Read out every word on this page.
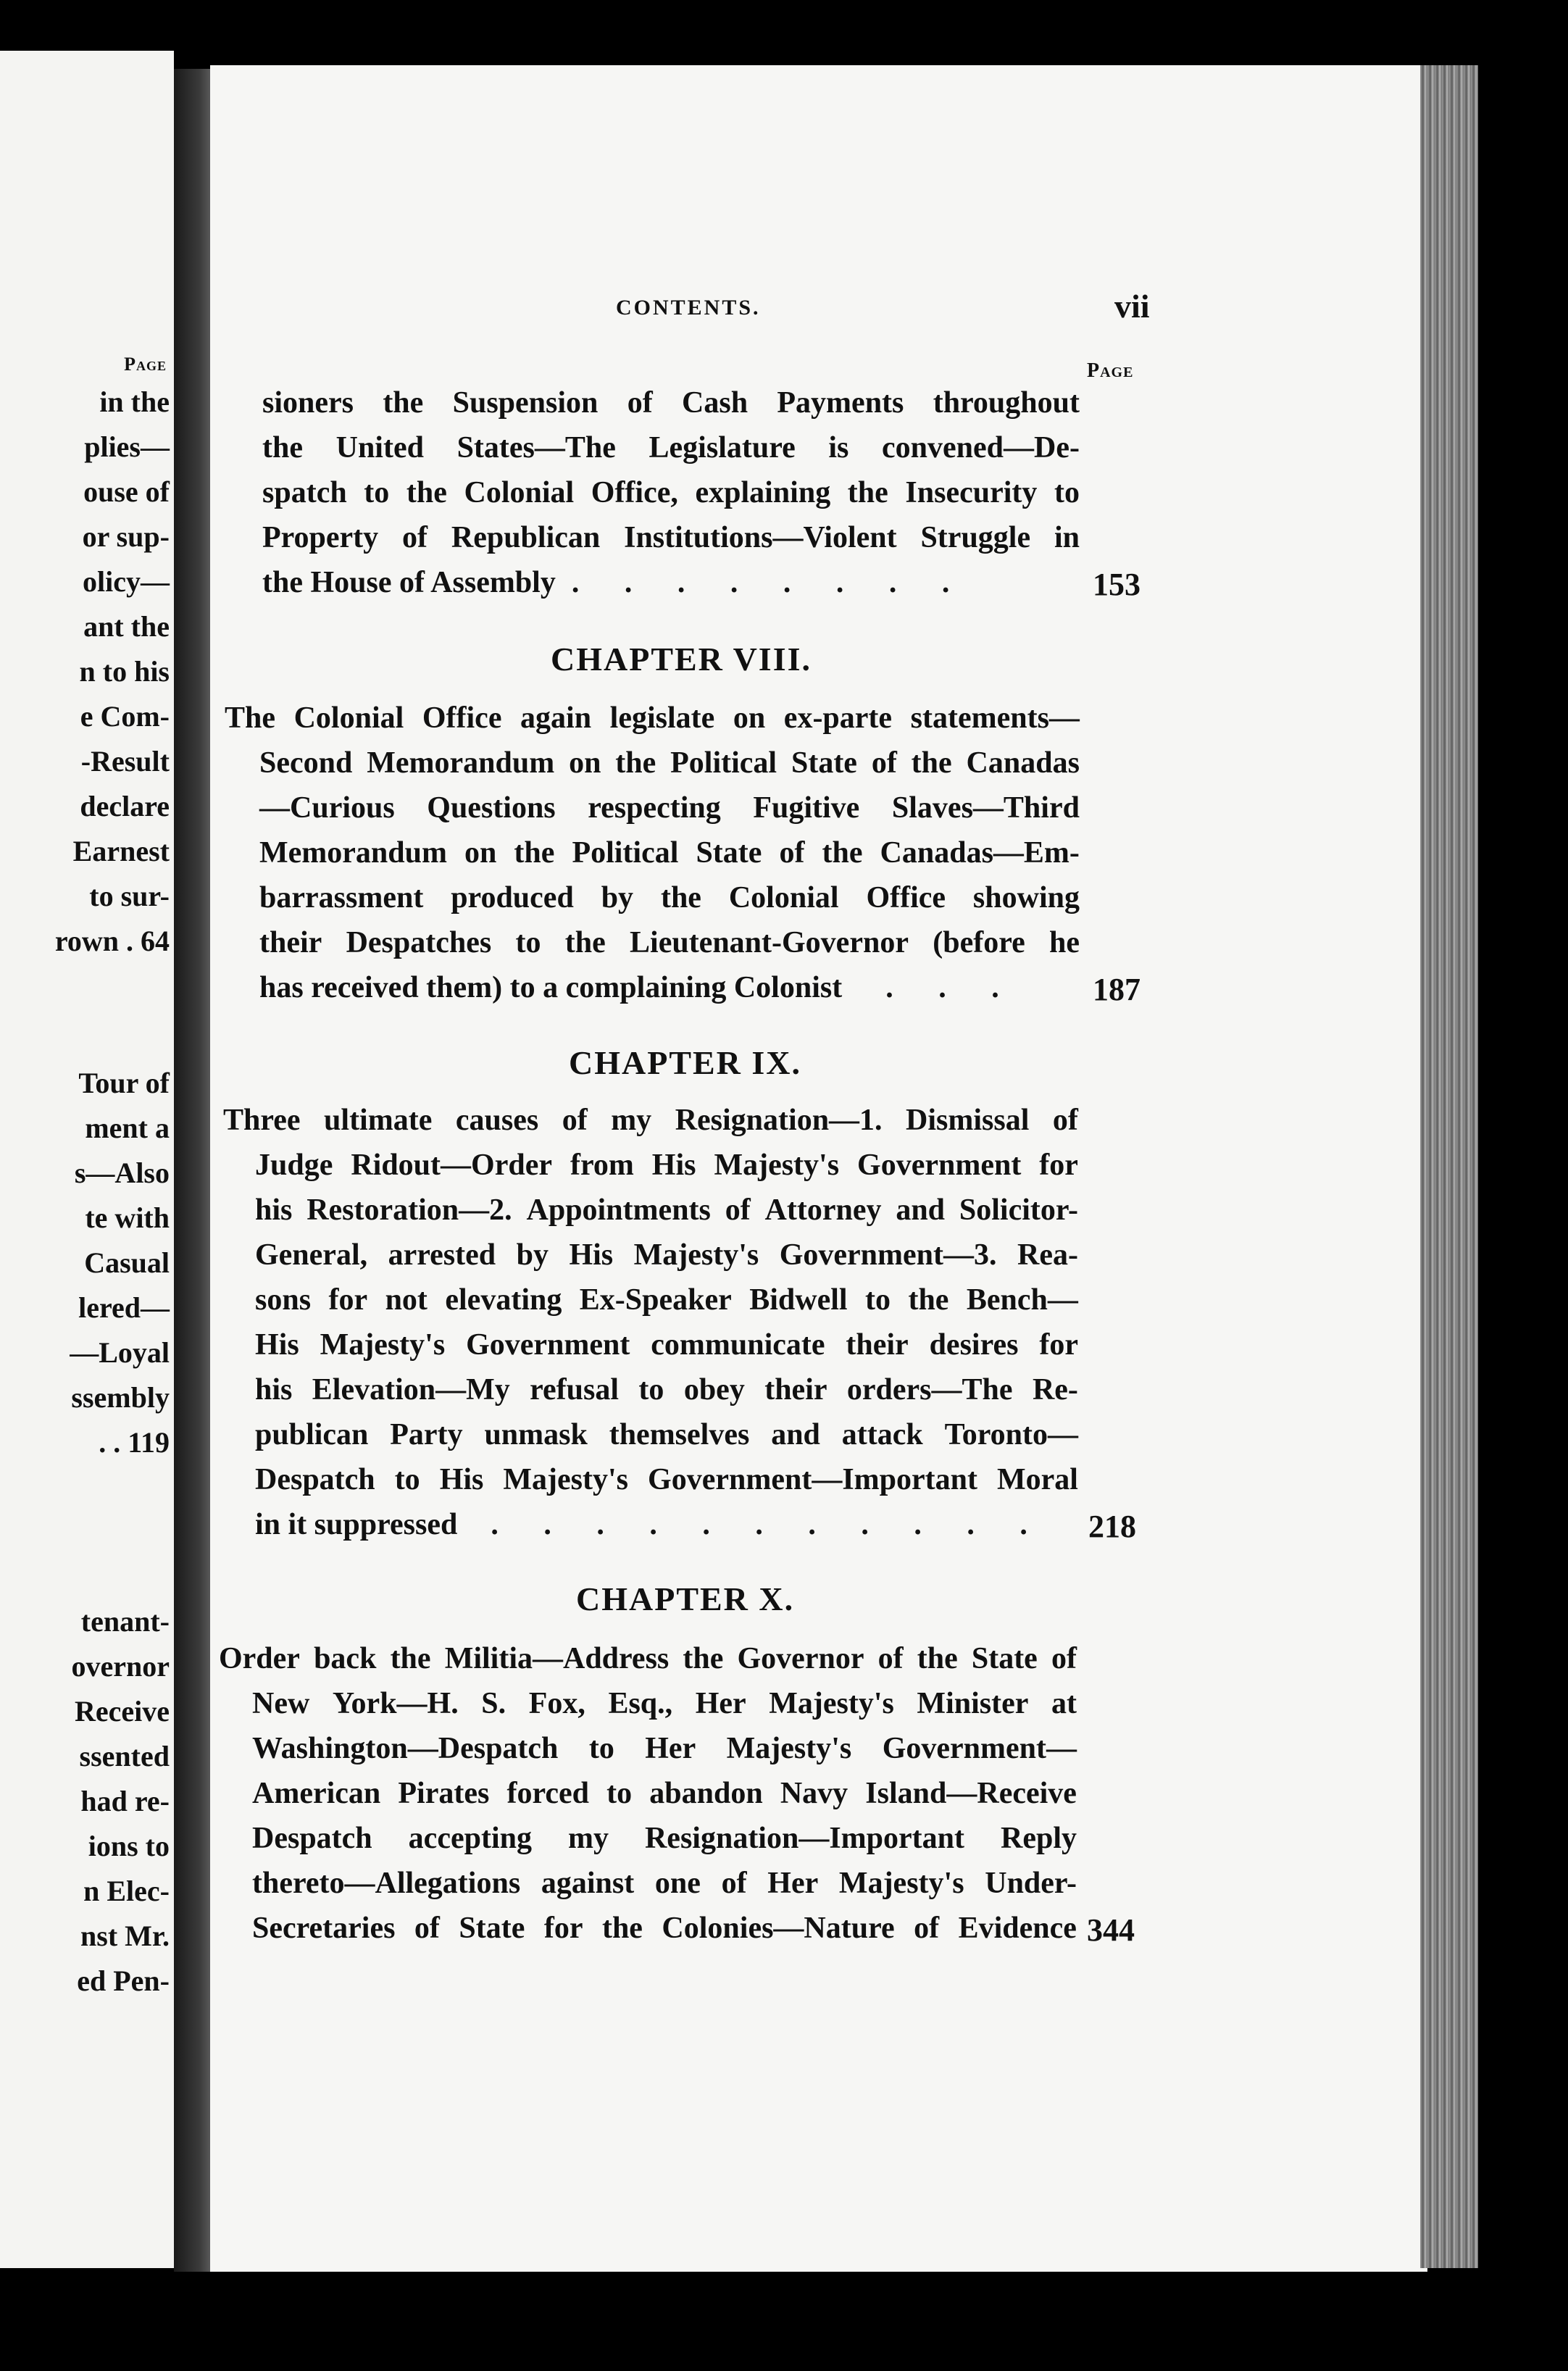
Page
in the
plies—
ouse of
or sup-
olicy—
ant the
n to his
e Com-
-Result
declare
Earnest
to sur-
rown . 64
Tour of
ment a
s—Also
te with
Casual
lered—
—Loyal
ssembly
. . 119
tenant-
overnor
Receive
ssented
had re-
ions to
n Elec-
nst Mr.
ed Pen-
CONTENTS.	vii
Page
sioners the Suspension of Cash Payments throughout
the United States—The Legislature is convened—De-
spatch to the Colonial Office, explaining the Insecurity to
Property of Republican Institutions—Violent Struggle in
the House of Assembly . . . . . . . .	153
CHAPTER VIII.
The Colonial Office again legislate on ex-parte statements—
Second Memorandum on the Political State of the Canadas
—Curious Questions respecting Fugitive Slaves—Third
Memorandum on the Political State of the Canadas—Em-
barrassment produced by the Colonial Office showing
their Despatches to the Lieutenant-Governor (before he
has received them) to a complaining Colonist . . . 187
CHAPTER IX.
Three ultimate causes of my Resignation—1. Dismissal of
Judge Ridout—Order from His Majesty's Government for
his Restoration—2. Appointments of Attorney and Solicitor-
General, arrested by His Majesty's Government—3. Rea-
sons for not elevating Ex-Speaker Bidwell to the Bench—
His Majesty's Government communicate their desires for
his Elevation—My refusal to obey their orders—The Re-
publican Party unmask themselves and attack Toronto—
Despatch to His Majesty's Government—Important Moral
in it suppressed . . . . . . . . . . . 218
CHAPTER X.
Order back the Militia—Address the Governor of the State of
New York—H. S. Fox, Esq., Her Majesty's Minister at
Washington—Despatch to Her Majesty's Government—
American Pirates forced to abandon Navy Island—Receive
Despatch accepting my Resignation—Important Reply
thereto—Allegations against one of Her Majesty's Under-
Secretaries of State for the Colonies—Nature of Evidence 344
